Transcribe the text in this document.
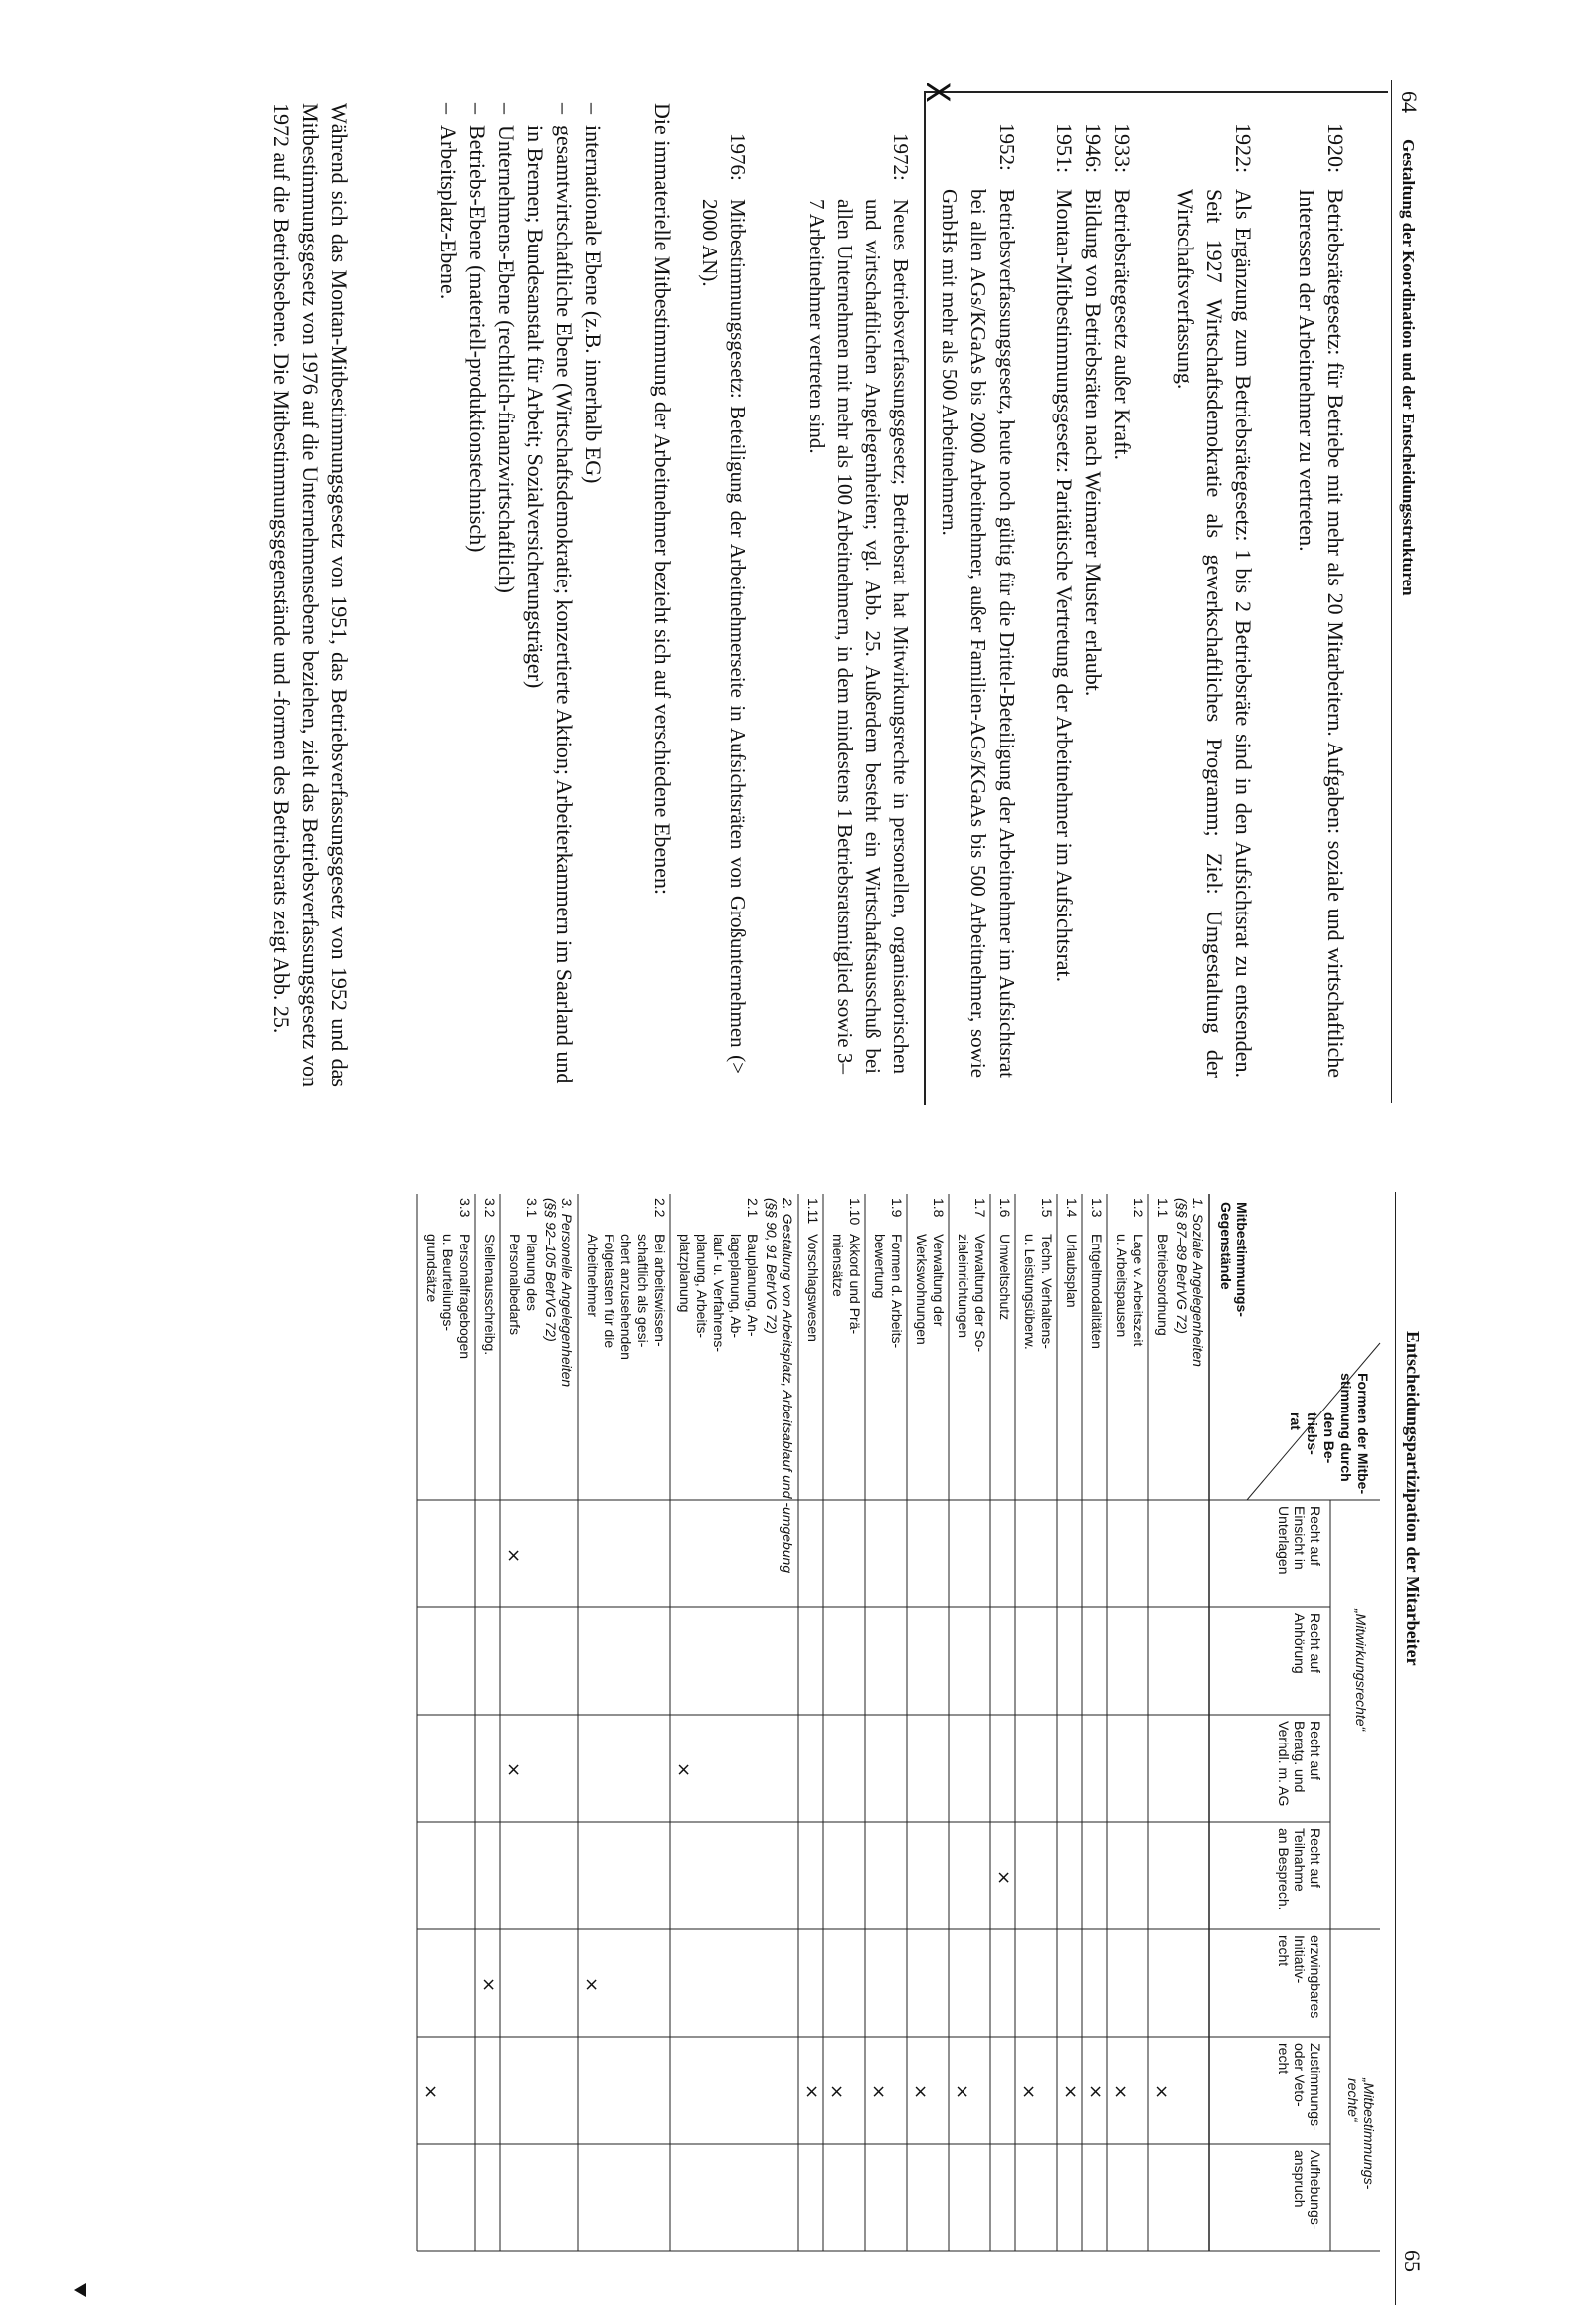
64
Gestaltung der Koordination und der Entscheidungsstrukturen
1920:
Betriebsrätegesetz: für Betriebe mit mehr als 20 Mitarbeitern. Aufgaben: soziale und wirtschaftliche Interessen der Arbeitnehmer zu vertreten.
1922:
Als Ergänzung zum Betriebsrätegesetz: 1 bis 2 Betriebsräte sind in den Aufsichtsrat zu entsenden. Seit 1927 Wirtschaftsdemokratie als gewerkschaftliches Programm; Ziel: Umgestaltung der Wirtschaftsverfassung.
1933:
Betriebsrätegesetz außer Kraft.
1946:
Bildung von Betriebsräten nach Weimarer Muster erlaubt.
1951:
Montan-Mitbestimmungsgesetz: Paritätische Vertretung der Arbeitnehmer im Aufsichtsrat.
1952:
Betriebsverfassungsgesetz, heute noch gültig für die Drittel-Beteiligung der Arbeitnehmer im Aufsichtsrat bei allen AGs/KGaAs bis 2000 Arbeitnehmer, außer Familien-AGs/KGaAs bis 500 Arbeitnehmer, sowie GmbHs mit mehr als 500 Arbeitnehmern.
X
1972:
Neues Betriebsverfassungsgesetz; Betriebsrat hat Mitwirkungsrechte in personellen, organisatorischen und wirtschaftlichen Angelegenheiten; vgl. Abb. 25. Außerdem besteht ein Wirtschaftsausschuß bei allen Unternehmen mit mehr als 100 Arbeitnehmern, in dem mindestens 1 Betriebsratsmitglied sowie 3–7 Arbeitnehmer vertreten sind.
1976:
Mitbestimmungsgesetz: Beteiligung der Arbeitnehmerseite in Aufsichtsräten von Großunternehmen (> 2000 AN).
Die immaterielle Mitbestimmung der Arbeitnehmer bezieht sich auf verschiedene Ebenen:
–
internationale Ebene (z.B. innerhalb EG)
–
gesamtwirtschaftliche Ebene (Wirtschaftsdemokratie; konzertierte Aktion; Arbeiterkammern im Saarland und in Bremen; Bundesanstalt für Arbeit; Sozialversicherungsträger)
–
Unternehmens-Ebene (rechtlich-finanzwirtschaftlich)
–
Betriebs-Ebene (materiell-produktionstechnisch)
–
Arbeitsplatz-Ebene.
Während sich das Montan-Mitbestimmungsgesetz von 1951, das Betriebsverfassungsgesetz von 1952 und das Mitbestimmungsgesetz von 1976 auf die Unternehmensebene beziehen, zielt das Betriebsverfassungsgesetz von 1972 auf die Betriebsebene. Die Mitbestimmungsgegenstände und -formen des Betriebsrats zeigt Abb. 25.
Entscheidungspartizipation der Mitarbeiter
65
Formen der Mitbe-
stimmung durch
den Be-
triebs-
rat
Mitbestimmungs-
Gegenstände
„Mitwirkungsrechte“
„Mitbestimmungs-
rechte“
Recht auf
Einsicht in
Unterlagen
Recht auf
Anhörung
Recht auf
Beratg. und
Verhdl. m. AG
Recht auf
Teilnahme
an Besprech.
erzwingbares
Initiativ-
recht
Zustimmungs-
oder Veto-
recht
Aufhebungs-
anspruch
1. Soziale Angelegenheiten
(§§ 87–89 BetrVG 72)
1.1
Betriebsordnung
×
1.2
Lage v. Arbeitszeit
u. Arbeitspausen
×
1.3
Entgeltmodalitäten
×
1.4
Urlaubsplan
×
1.5
Techn. Verhaltens-
u. Leistungsüberw.
×
1.6
Umweltschutz
×
1.7
Verwaltung der So-
zialeinrichtungen
×
1.8
Verwaltung der
Werkswohnungen
×
1.9
Formen d. Arbeits-
bewertung
×
1.10
Akkord und Prä-
miensätze
×
1.11
Vorschlagswesen
×
2. Gestaltung von Arbeitsplatz, Arbeitsablauf und -umgebung
(§§ 90, 91 BetrVG 72)
2.1
Bauplanung, An-
lageplanung, Ab-
lauf- u. Verfahrens-
planung, Arbeits-
platzplanung
×
2.2
Bei arbeitswissen-
schaftlich als gesi-
chert anzusehenden
Folgelasten für die
Arbeitnehmer
×
3. Personelle Angelegenheiten
(§§ 92–105 BetrVG 72)
3.1
Planung des
Personalbedarfs
×
×
3.2
Stellenausschreibg.
×
3.3
Personalfragebogen
u. Beurteilungs-
grundsätze
×
